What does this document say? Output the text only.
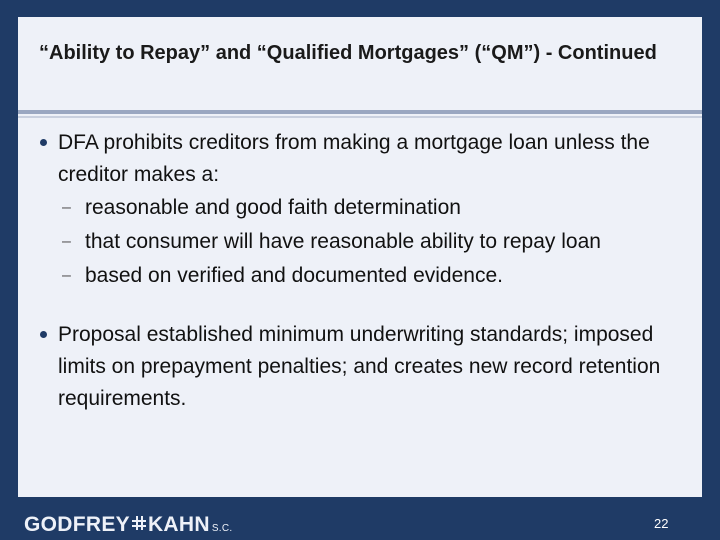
“Ability to Repay” and “Qualified Mortgages” (“QM”) - Continued
DFA prohibits creditors from making a mortgage loan unless the creditor makes a:
– reasonable and good faith determination
– that consumer will have reasonable ability to repay loan
– based on verified and documented evidence.
Proposal established minimum underwriting standards; imposed limits on prepayment penalties; and creates new record retention requirements.
GODFREY KAHN S.C.	22
